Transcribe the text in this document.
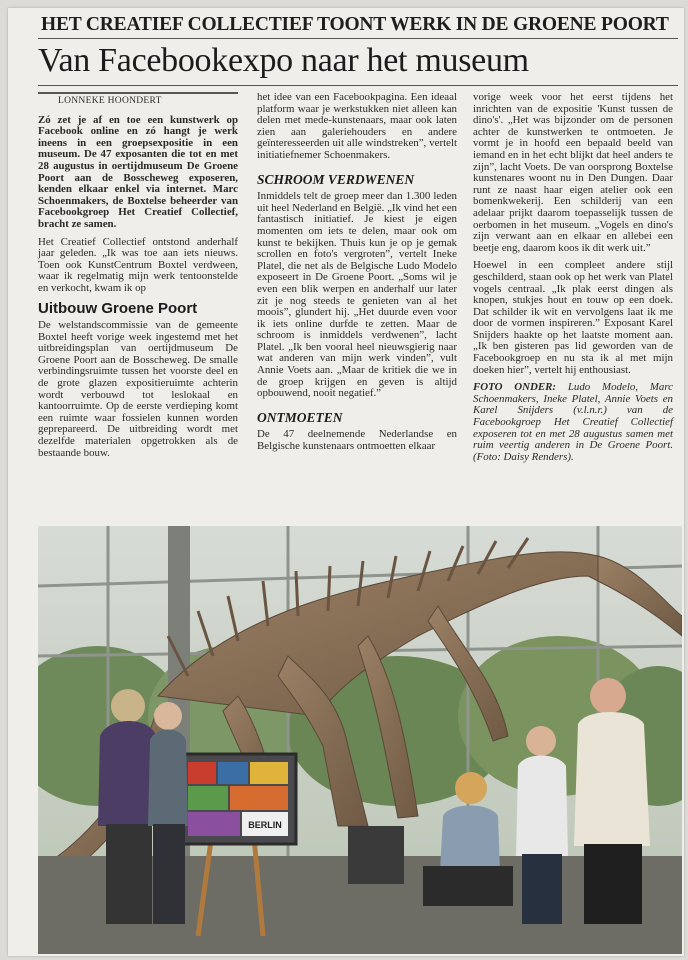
HET CREATIEF COLLECTIEF TOONT WERK IN DE GROENE POORT
Van Facebookexpo naar het museum
LONNEKE HOONDERT

Zó zet je af en toe een kunstwerk op Facebook online en zó hangt je werk ineens in een groepsexpositie in een museum. De 47 exposanten die tot en met 28 augustus in oertijdmuseum De Groene Poort aan de Bosscheweg exposeren, kenden elkaar enkel via internet. Marc Schoenmakers, de Boxtelse beheerder van Facebookgroep Het Creatief Collectief, bracht ze samen.

Het Creatief Collectief ontstond anderhalf jaar geleden. „Ik was toe aan iets nieuws. Toen ook KunstCentrum Boxtel verdween, waar ik regelmatig mijn werk tentoonstelde en verkocht, kwam ik op

Uitbouw Groene Poort

De welstandscommissie van de gemeente Boxtel heeft vorige week ingestemd met het uitbreidingsplan van oertijdmuseum De Groene Poort aan de Bosscheweg. De smalle verbindingsruimte tussen het voorste deel en de grote glazen expositieruimte achterin wordt verbouwd tot leslokaal en kantoorruimte. Op de eerste verdieping komt een ruimte waar fossielen kunnen worden geprepareerd. De uitbreiding wordt met dezelfde materialen opgetrokken als de bestaande bouw.

het idee van een Facebookpagina. Een ideaal platform waar je werkstukken niet alleen kan delen met mede-kunstenaars, maar ook laten zien aan galeriehouders en andere geïnteresseerden uit alle windstreken”, vertelt initiatiefnemer Schoenmakers.

SCHROOM VERDWENEN

Inmiddels telt de groep meer dan 1.300 leden uit heel Nederland en België. „Ik vind het een fantastisch initiatief. Je kiest je eigen momenten om iets te delen, maar ook om kunst te bekijken. Thuis kun je op je gemak scrollen en foto's vergroten”, vertelt Ineke Platel, die net als de Belgische Ludo Modelo exposeert in De Groene Poort. „Soms wil je even een blik werpen en anderhalf uur later zit je nog steeds te genieten van al het moois”, glundert hij. „Het duurde even voor ik iets online durfde te zetten. Maar de schroom is inmiddels verdwenen”, lacht Platel. „Ik ben vooral heel nieuwsgierig naar wat anderen van mijn werk vinden”, vult Annie Voets aan. „Maar de kritiek die we in de groep krijgen en geven is altijd opbouwend, nooit negatief.”

ONTMOETEN

De 47 deelnemende Nederlandse en Belgische kunstenaars ontmoetten elkaar

vorige week voor het eerst tijdens het inrichten van de expositie 'Kunst tussen de dino's'. „Het was bijzonder om de personen achter de kunstwerken te ontmoeten. Je vormt je in hoofd een bepaald beeld van iemand en in het echt blijkt dat heel anders te zijn”, lacht Voets. De van oorsprong Boxtelse kunstenares woont nu in Den Dungen. Daar runt ze naast haar eigen atelier ook een bomenkwekerij. Een schilderij van een adelaar prijkt daarom toepasselijk tussen de oerbomen in het museum. „Vogels en dino's zijn verwant aan en elkaar en allebei een beetje eng, daarom koos ik dit werk uit.”

Hoewel in een compleet andere stijl geschilderd, staan ook op het werk van Platel vogels centraal. „Ik plak eerst dingen als knopen, stukjes hout en touw op een doek. Dat schilder ik wit en vervolgens laat ik me door de vormen inspireren.” Exposant Karel Snijders haakte op het laatste moment aan. „Ik ben gisteren pas lid geworden van de Facebookgroep en nu sta ik al met mijn doeken hier”, vertelt hij enthousiast.

FOTO ONDER: Ludo Modelo, Marc Schoenmakers, Ineke Platel, Annie Voets en Karel Snijders (v.l.n.r.) van de Facebookgroep Het Creatief Collectief exposeren tot en met 28 augustus samen met ruim veertig anderen in De Groene Poort. (Foto: Daisy Renders).

BERLIN
